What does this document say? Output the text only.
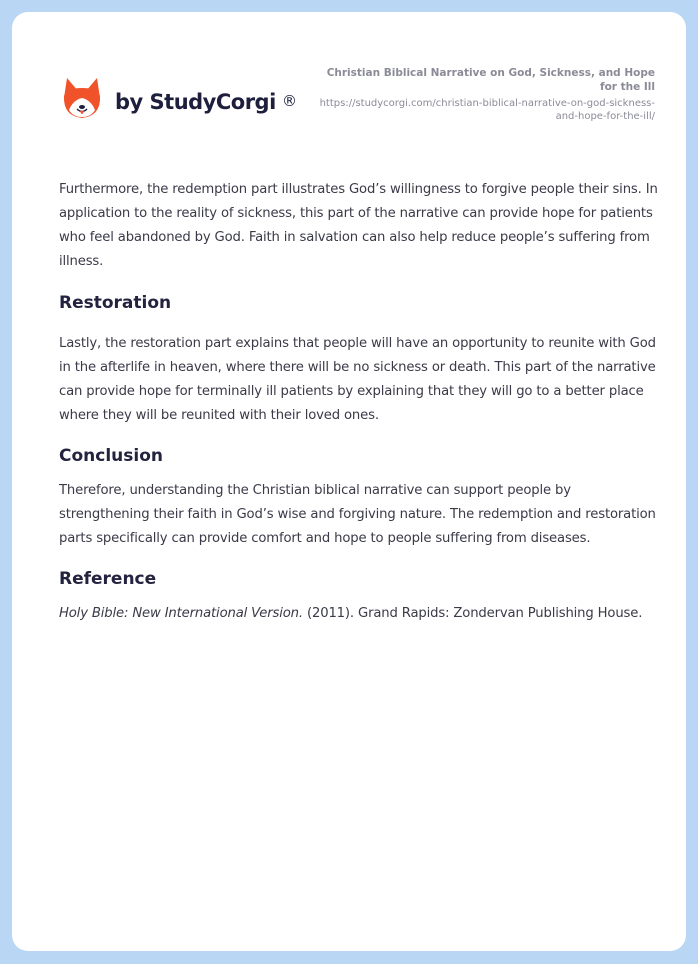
by StudyCorgi ®
Christian Biblical Narrative on God, Sickness, and Hope for the Ill
https://studycorgi.com/christian-biblical-narrative-on-god-sickness-and-hope-for-the-ill/

Furthermore, the redemption part illustrates God’s willingness to forgive people their sins. In application to the reality of sickness, this part of the narrative can provide hope for patients who feel abandoned by God. Faith in salvation can also help reduce people’s suffering from illness.

Restoration

Lastly, the restoration part explains that people will have an opportunity to reunite with God in the afterlife in heaven, where there will be no sickness or death. This part of the narrative can provide hope for terminally ill patients by explaining that they will go to a better place where they will be reunited with their loved ones.

Conclusion

Therefore, understanding the Christian biblical narrative can support people by strengthening their faith in God’s wise and forgiving nature. The redemption and restoration parts specifically can provide comfort and hope to people suffering from diseases.

Reference

Holy Bible: New International Version. (2011). Grand Rapids: Zondervan Publishing House.
